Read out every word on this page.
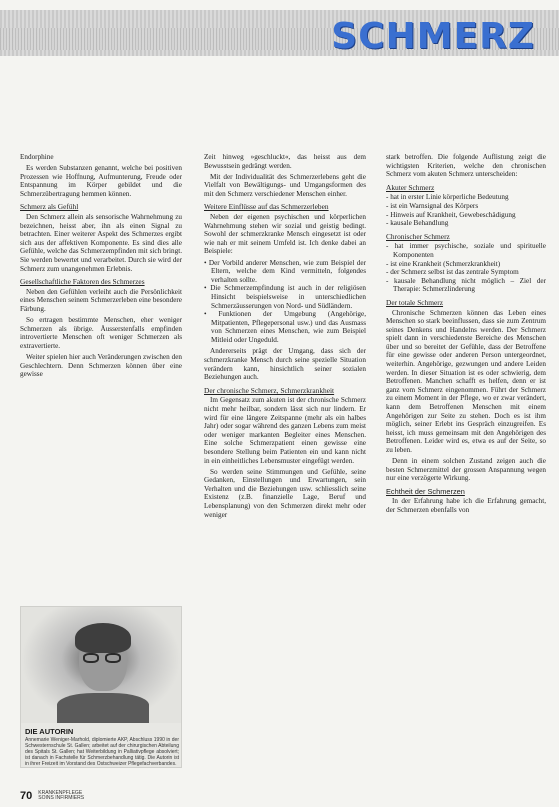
SCHMERZ

Endorphine

Es werden Substanzen genannt, welche bei positiven Prozessen wie Hoffnung, Aufmunterung, Freude oder Entspannung im Körper gebildet und die Schmerzübertragung hemmen können.

Schmerz als Gefühl

Den Schmerz allein als sensorische Wahrnehmung zu bezeichnen, heisst aber, ihn als einen Signal zu betrachten. Einer weiterer Aspekt des Schmerzes ergibt sich aus der affektiven Komponente. Es sind dies alle Gefühle, welche das Schmerzempfinden mit sich bringt. Sie werden bewertet und verarbeitet. Durch sie wird der Schmerz zum unangenehmen Erlebnis.

Gesellschaftliche Faktoren des Schmerzes

Neben den Gefühlen verleiht auch die Persönlichkeit eines Menschen seinem Schmerzerleben eine besondere Färbung.

So ertragen bestimmte Menschen, eher weniger Schmerzen als übrige. Äusserstenfalls empfinden introvertierte Menschen oft weniger Schmerzen als extravertierte.

Weiter spielen hier auch Veränderungen zwischen den Geschlechtern. Denn Schmerzen können über eine gewisse

Zeit hinweg »geschluckt«, das heisst aus dem Bewusstsein gedrängt werden.

Mit der Individualität des Schmerzerlebens geht die Vielfalt von Bewältigungs- und Umgangsformen des mit den Schmerz verschiedener Menschen einher.

Weitere Einflüsse auf das Schmerzerleben

Neben der eigenen psychischen und körperlichen Wahrnehmung stehen wir sozial und geistig bedingt. Sowohl der schmerzkranke Mensch eingesetzt ist oder wie nah er mit seinem Umfeld ist. Ich denke dabei an Beispiele:

• Der Vorbild anderer Menschen, wie zum Beispiel der Eltern, welche dem Kind vermitteln, folgendes verhalten sollte.
• Die Schmerzempfindung ist auch in der religiösen Hinsicht beispielsweise in unterschiedlichen Schmerzäusserungen von Nord- und Südländern.
• Funktionen der Umgebung (Angehörige, Mitpatienten, Pflegepersonal usw.) und das Ausmass von Schmerzen eines Menschen, wie zum Beispiel Mitleid oder Ungeduld.

Andererseits prägt der Umgang, dass sich der schmerzkranke Mensch durch seine spezielle Situation verändern kann, hinsichtlich seiner sozialen Beziehungen auch.

Der chronische Schmerz, Schmerzkrankheit

Im Gegensatz zum akuten ist der chronische Schmerz nicht mehr heilbar, sondern lässt sich nur lindern. Er wird für eine längere Zeitspanne (mehr als ein halbes Jahr) oder sogar während des ganzen Lebens zum meist oder weniger markanten Begleiter eines Menschen. Eine solche Schmerzpatient einen gewisse eine besondere Stellung beim Patienten ein und kann nicht in ein einheitliches Lebensmuster eingefügt werden.

So werden seine Stimmungen und Gefühle, seine Gedanken, Einstellungen und Erwartungen, sein Verhalten und die Beziehungen usw. schliesslich seine Existenz (z.B. finanzielle Lage, Beruf und Lebensplanung) von den Schmerzen direkt mehr oder weniger

stark betroffen. Die folgende Auflistung zeigt die wichtigsten Kriterien, welche den chronischen Schmerz vom akuten Schmerz unterscheiden:

Akuter Schmerz
- hat in erster Linie körperliche Bedeutung
- ist ein Warnsignal des Körpers
- Hinweis auf Krankheit, Gewebeschädigung
- kausale Behandlung
Chronischer Schmerz
- hat immer psychische, soziale und spirituelle Komponenten
- ist eine Krankheit (Schmerzkrankheit)
- der Schmerz selbst ist das zentrale Symptom
- kausale Behandlung nicht möglich – Ziel der Therapie: Schmerzlinderung
Der totale Schmerz

Chronische Schmerzen können das Leben eines Menschen so stark beeinflussen, dass sie zum Zentrum seines Denkens und Handelns werden. Der Schmerz spielt dann in verschiedenste Bereiche des Menschen über und so bereitet der Gefühle, dass der Betroffene für eine gewisse oder anderen Person untergeordnet, weiterhin. Angehörige, gezwungen und andere Leiden werden. In dieser Situation ist es oder schwierig, dem Betroffenen. Manchen schafft es helfen, denn er ist ganz vom Schmerz eingenommen. Führt der Schmerz zu einem Moment in der Pflege, wo er zwar verändert, kann dem Betroffenen Menschen mit einem Angehörigen zur Seite zu stehen. Doch es ist ihm möglich, seiner Erlebt ins Gespräch einzugreifen. Es heisst, ich muss gemeinsam mit den Angehörigen des Betroffenen. Leider wird es, etwa es auf der Seite, so zu leben.

Denn in einem solchen Zustand zeigen auch die besten Schmerzmittel der grossen Anspannung wegen nur eine verzögerte Wirkung.

Echtheit der Schmerzen

In der Erfahrung habe ich die Erfahrung gemacht, der Schmerzen ebenfalls von

DIE AUTORIN
Annemarie Weniger-Marhold, diplomierte AKP, Abschluss 1990 in der Schwesternschule St. Gallen; arbeitet auf der chirurgischen Abteilung des Spitals St. Gallen; hat Weiterbildung in Palliativpflege absolviert; ist danach in Fachstelle für Schmerzbehandlung tätig. Die Autorin ist in ihrer Freizeit im Vorstand des Ostschweizer Pflegefachverbandes.
70 KRANKENPFLEGE
SOINS INFIRMIERS
